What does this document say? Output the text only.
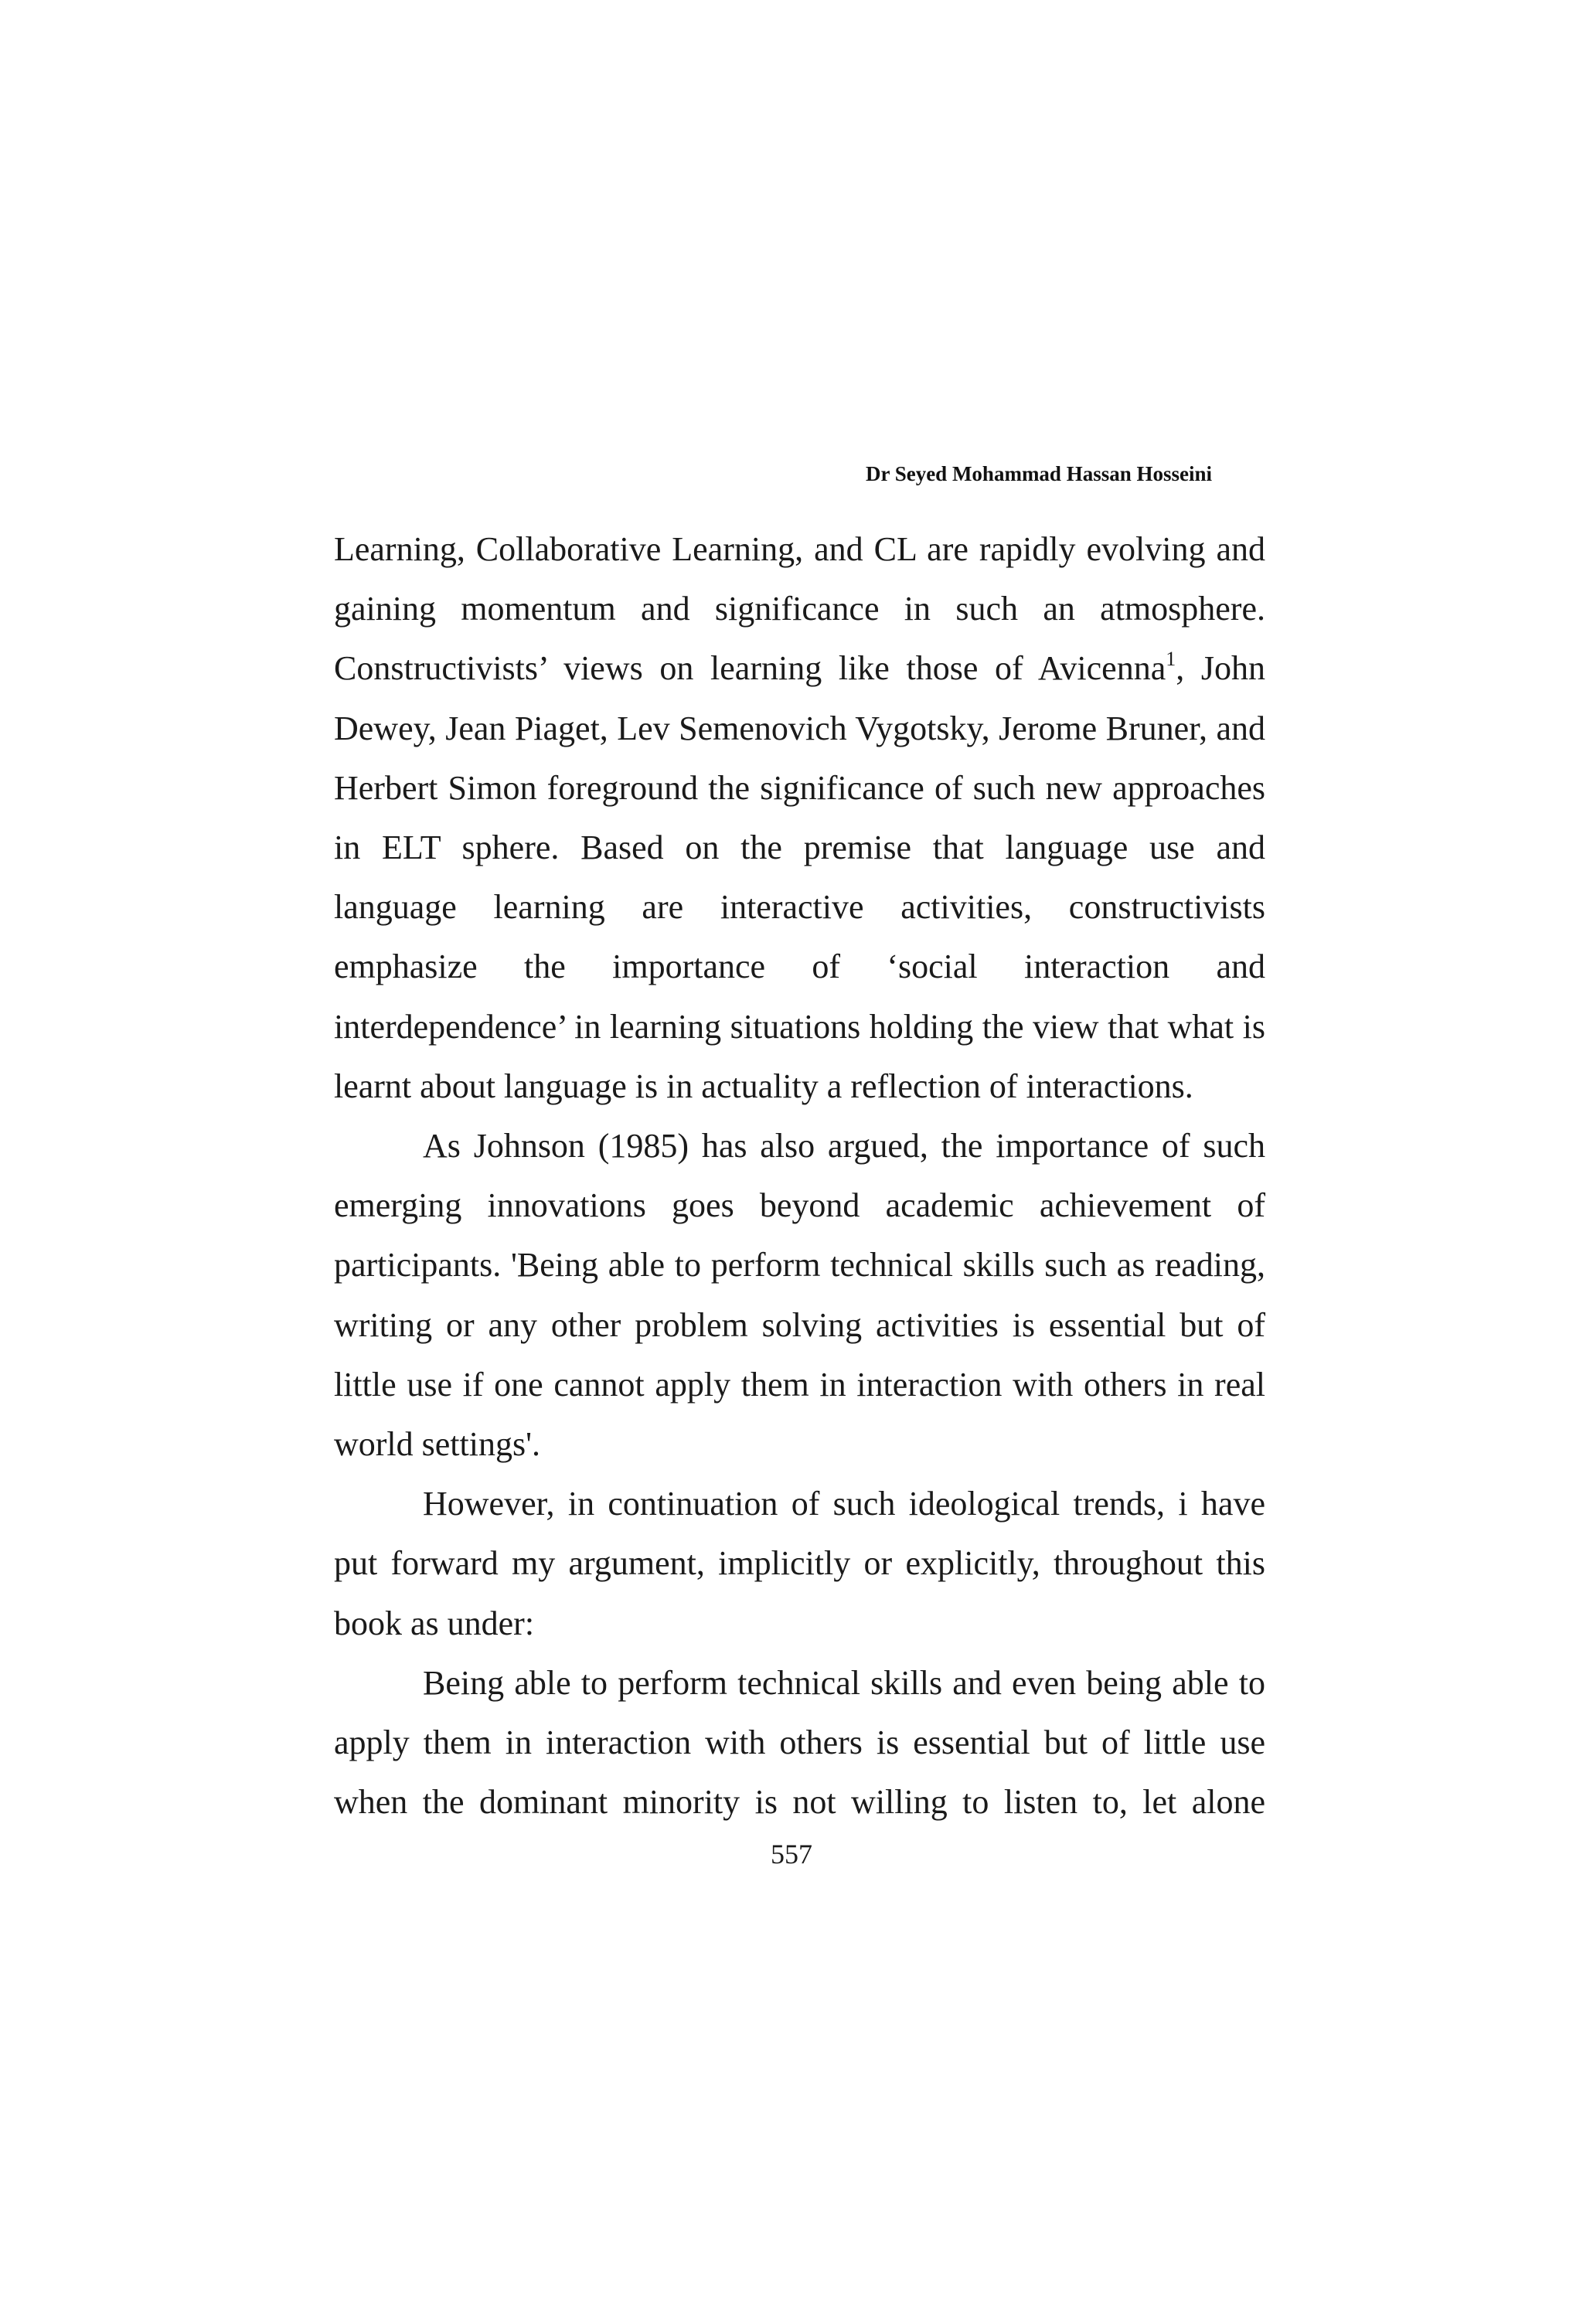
Dr Seyed Mohammad Hassan Hosseini

Learning, Collaborative Learning, and CL are rapidly evolving and gaining momentum and significance in such an atmosphere. Constructivists’ views on learning like those of Avicenna$^1$, John Dewey, Jean Piaget, Lev Semenovich Vygotsky, Jerome Bruner, and Herbert Simon foreground the significance of such new approaches in ELT sphere. Based on the premise that language use and language learning are interactive activities, constructivists emphasize the importance of ‘social interaction and interdependence’ in learning situations holding the view that what is learnt about language is in actuality a reflection of interactions.

As Johnson (1985) has also argued, the importance of such emerging innovations goes beyond academic achievement of participants. 'Being able to perform technical skills such as reading, writing or any other problem solving activities is essential but of little use if one cannot apply them in interaction with others in real world settings'.

However, in continuation of such ideological trends, i have put forward my argument, implicitly or explicitly, throughout this book as under:

Being able to perform technical skills and even being able to apply them in interaction with others is essential but of little use when the dominant minority is not willing to listen to, let alone

557
